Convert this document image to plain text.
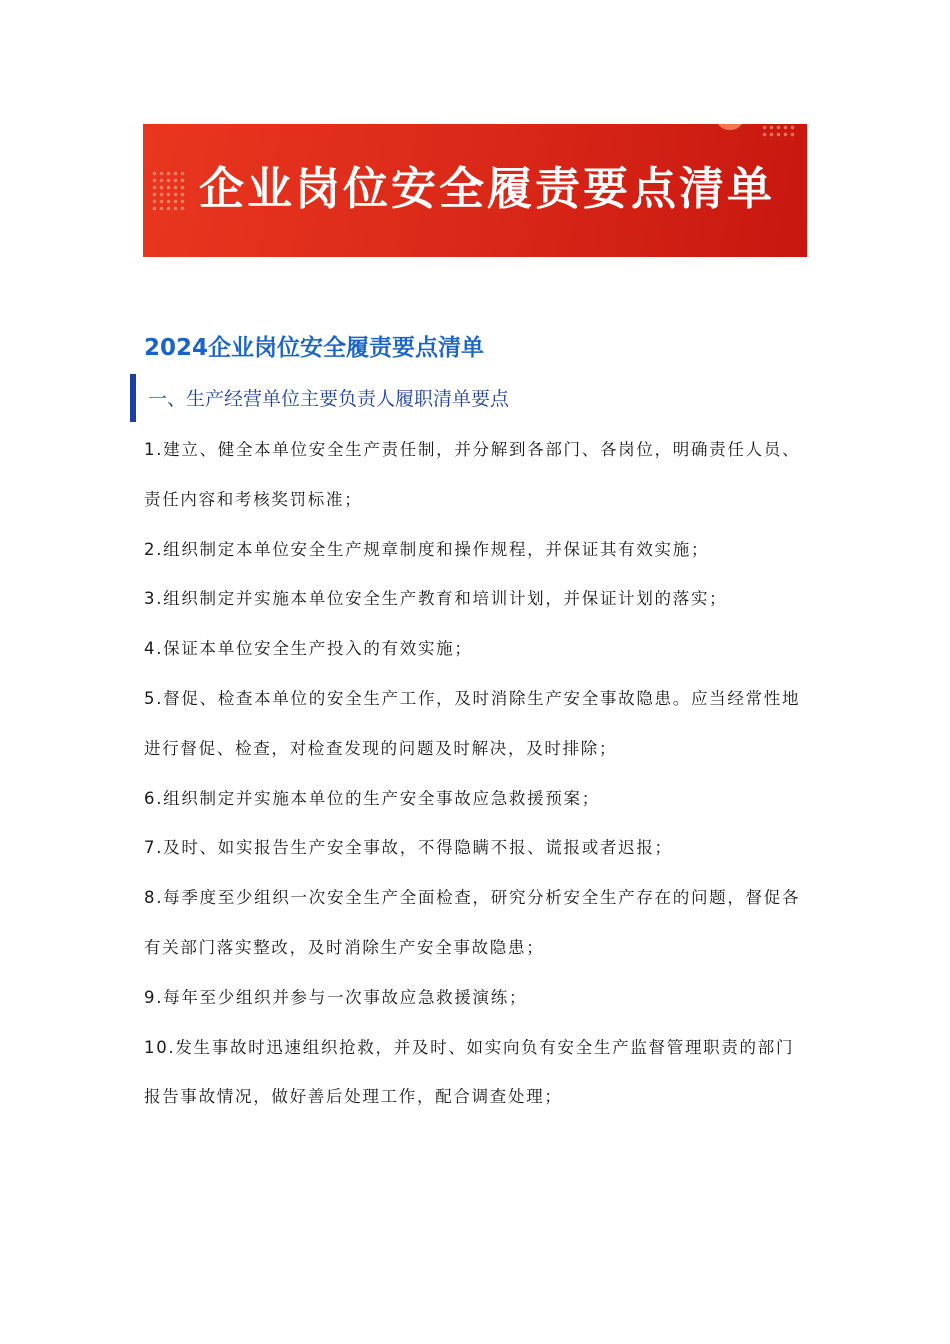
企业岗位安全履责要点清单
2024企业岗位安全履责要点清单
一、生产经营单位主要负责人履职清单要点

1.建立、健全本单位安全生产责任制，并分解到各部门、各岗位，明确责任人员、责任内容和考核奖罚标准；

2.组织制定本单位安全生产规章制度和操作规程，并保证其有效实施；

3.组织制定并实施本单位安全生产教育和培训计划，并保证计划的落实；

4.保证本单位安全生产投入的有效实施；

5.督促、检查本单位的安全生产工作，及时消除生产安全事故隐患。应当经常性地进行督促、检查，对检查发现的问题及时解决，及时排除；

6.组织制定并实施本单位的生产安全事故应急救援预案；

7.及时、如实报告生产安全事故，不得隐瞒不报、谎报或者迟报；

8.每季度至少组织一次安全生产全面检查，研究分析安全生产存在的问题，督促各有关部门落实整改，及时消除生产安全事故隐患；

9.每年至少组织并参与一次事故应急救援演练；

10.发生事故时迅速组织抢救，并及时、如实向负有安全生产监督管理职责的部门报告事故情况，做好善后处理工作，配合调查处理；
